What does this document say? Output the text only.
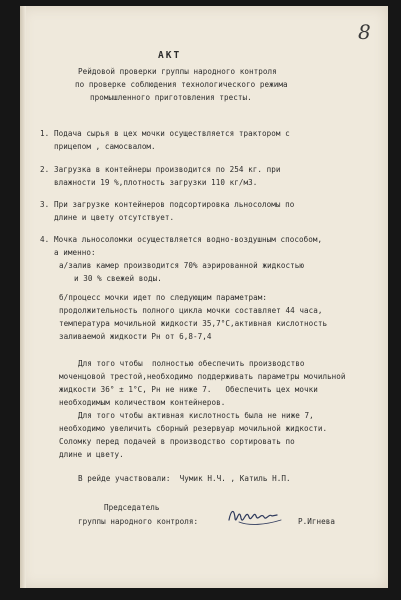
8
АКТ
Рейдовой проверки группы народного контроля
по проверке соблюдения технологического режима
промышленного приготовления тресты.
1. Подача сырья в цех мочки осуществляется трактором с
прицепом , самосвалом.
2. Загрузка в контейнеры производится по 254 кг. при
влажности 19 %,плотность загрузки 110 кг/м3.
3. При загрузке контейнеров подсортировка льносоломы по
длине и цвету отсутствует.
4. Мочка льносоломки осуществляется водно-воздушным способом,
а именно:
а/залив камер производится 70% аэрированной жидкостью
и 30 % свежей воды.
б/процесс мочки идет по следующим параметрам:
продолжительность полного цикла мочки составляет 44 часа,
температура мочильной жидкости 35,7°С,активная кислотность
заливаемой жидкости Рн от 6,8-7,4
Для того чтобы  полностью обеспечить производство
моченцовой трестой,необходимо поддерживать параметры мочильной
жидкости 36° ± 1°С, Рн не ниже 7.   Обеспечить цех мочки
необходимым количеством контейнеров.
Для того чтобы активная кислотность была не ниже 7,
необходимо увеличить сборный резервуар мочильной жидкости.
Соломку перед подачей в производство сортировать по
длине и цвету.
В рейде участвовали:  Чумик Н.Ч. , Катиль Н.П.
Председатель
группы народного контроля:	Р.Игнева
